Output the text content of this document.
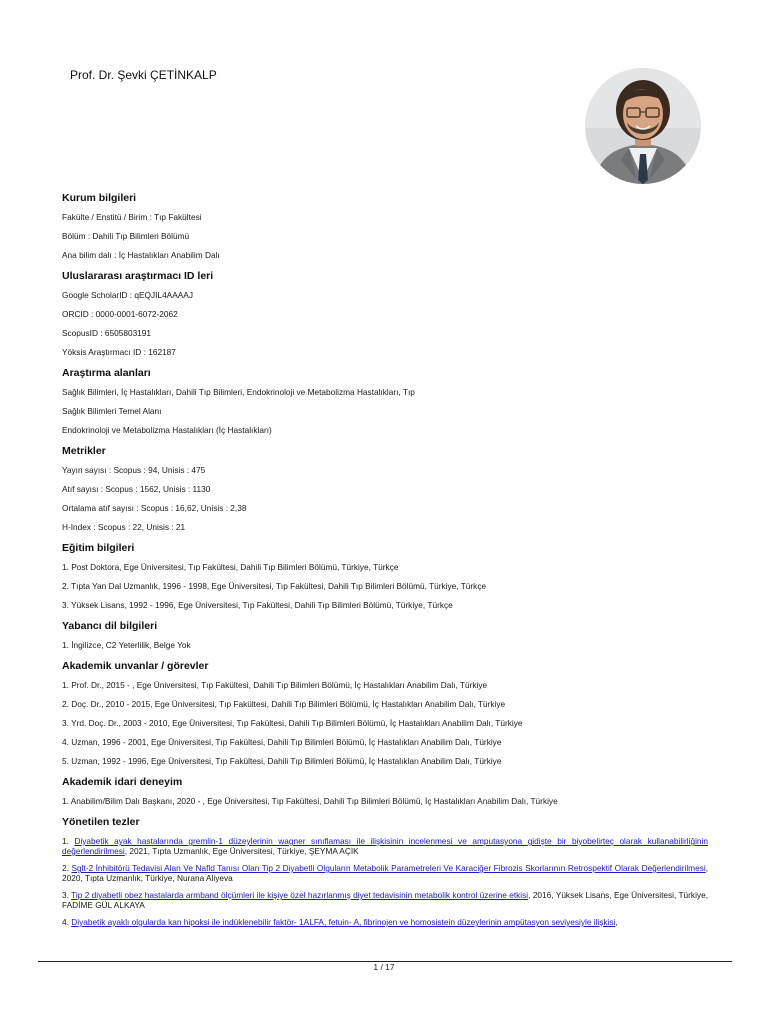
Prof. Dr. Şevki ÇETİNKALP
Kurum bilgileri
Fakülte / Enstitü / Birim : Tıp Fakültesi
Bölüm : Dahili Tıp Bilimleri Bölümü
Ana bilim dalı : İç Hastalıkları Anabilim Dalı
Uluslararası araştırmacı ID leri
Google ScholarID : qEQJIL4AAAAJ
ORCID : 0000-0001-6072-2062
ScopusID : 6505803191
Yöksis Araştırmacı ID : 162187
Araştırma alanları
Sağlık Bilimleri, İç Hastalıkları, Dahili Tıp Bilimleri, Endokrinoloji ve Metabolizma Hastalıkları, Tıp
Sağlık Bilimleri Temel Alanı
Endokrinoloji ve Metabolizma Hastalıkları (İç Hastalıkları)
Metrikler
Yayın sayısı : Scopus : 94, Unisis : 475
Atıf sayısı : Scopus : 1562, Unisis : 1130
Ortalama atıf sayısı : Scopus : 16,62, Unisis : 2,38
H-Index : Scopus : 22, Unisis : 21
Eğitim bilgileri
1. Post Doktora, Ege Üniversitesi, Tıp Fakültesi, Dahili Tıp Bilimleri Bölümü, Türkiye, Türkçe
2. Tıpta Yan Dal Uzmanlık, 1996 - 1998, Ege Üniversitesi, Tıp Fakültesi, Dahili Tıp Bilimleri Bölümü, Türkiye, Türkçe
3. Yüksek Lisans, 1992 - 1996, Ege Üniversitesi, Tıp Fakültesi, Dahili Tıp Bilimleri Bölümü, Türkiye, Türkçe
Yabancı dil bilgileri
1. İngilizce, C2 Yeterlilik, Belge Yok
Akademik unvanlar / görevler
1. Prof. Dr., 2015 - , Ege Üniversitesi, Tıp Fakültesi, Dahili Tıp Bilimleri Bölümü, İç Hastalıkları Anabilim Dalı, Türkiye
2. Doç. Dr., 2010 - 2015, Ege Üniversitesi, Tıp Fakültesi, Dahili Tıp Bilimleri Bölümü, İç Hastalıkları Anabilim Dalı, Türkiye
3. Yrd. Doç. Dr., 2003 - 2010, Ege Üniversitesi, Tıp Fakültesi, Dahili Tıp Bilimleri Bölümü, İç Hastalıkları Anabilim Dalı, Türkiye
4. Uzman, 1996 - 2001, Ege Üniversitesi, Tıp Fakültesi, Dahili Tıp Bilimleri Bölümü, İç Hastalıkları Anabilim Dalı, Türkiye
5. Uzman, 1992 - 1996, Ege Üniversitesi, Tıp Fakültesi, Dahili Tıp Bilimleri Bölümü, İç Hastalıkları Anabilim Dalı, Türkiye
Akademik idari deneyim
1. Anabilim/Bilim Dalı Başkanı, 2020 - , Ege Üniversitesi, Tıp Fakültesi, Dahili Tıp Bilimleri Bölümü, İç Hastalıkları Anabilim Dalı, Türkiye
Yönetilen tezler
1. Diyabetik ayak hastalarında gremlin-1 düzeylerinin wagner sınıflaması ile ilişkisinin incelenmesi ve amputasyona gidişte bir biyobelirteç olarak kullanabilirliğinin değerlendirilmesi, 2021, Tıpta Uzmanlık, Ege Üniversitesi, Türkiye, ŞEYMA AÇIK
2. Sglt-2 İnhibitörü Tedavisi Alan Ve Nafld Tanısı Olan Tip 2 Diyabetli Olguların Metabolik Parametreleri Ve Karaciğer Fibrozis Skorlarının Retrospektif Olarak Değerlendirilmesi, 2020, Tıpta Uzmanlık, Türkiye, Nurana Aliyeva
3. Tip 2 diyabetli obez hastalarda armband ölçümleri ile kişiye özel hazırlanmış diyet tedavisinin metabolik kontrol üzerine etkisi, 2016, Yüksek Lisans, Ege Üniversitesi, Türkiye, FADİME GÜL ALKAYA
4. Diyabetik ayaklı olgularda kan hipoksi ile indüklenebilir faktör- 1ALFA, fetuin- A, fibrinojen ve homosistein düzeylerinin ampütasyon seviyesiyle ilişkisi,
1 / 17
